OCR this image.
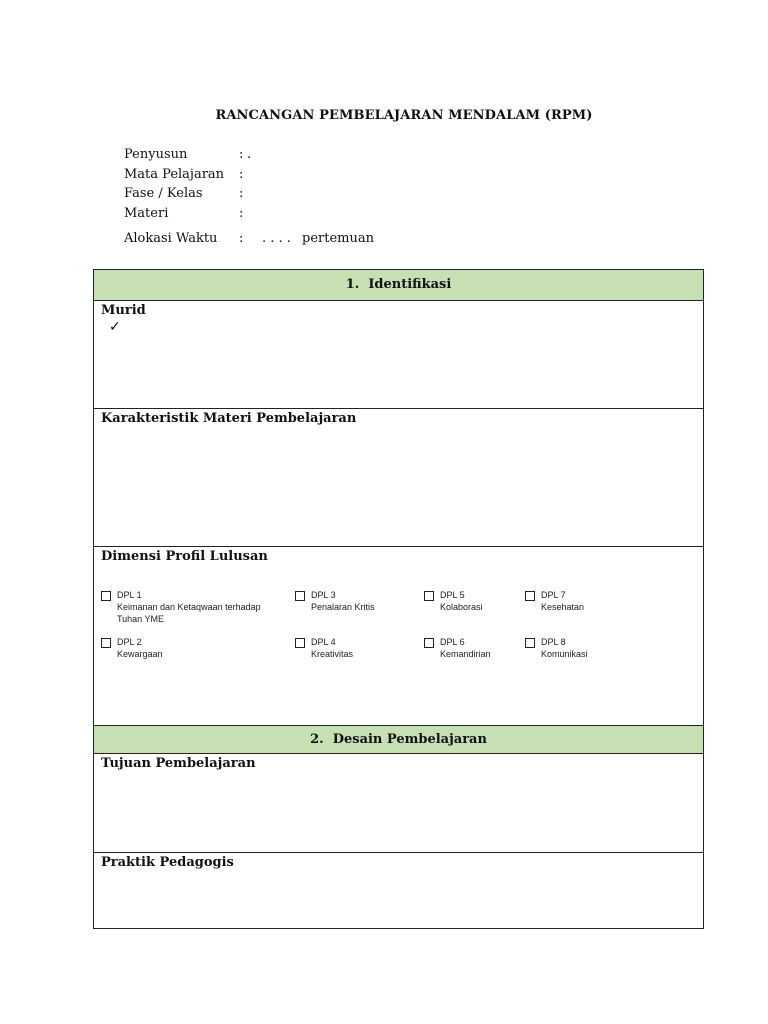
RANCANGAN PEMBELAJARAN MENDALAM (RPM)
Penyusun	: .
Mata Pelajaran :
Fase / Kelas	:
Materi	:
Alokasi Waktu : . . . . pertemuan
1. Identifikasi
Murid
✓
Karakteristik Materi Pembelajaran
Dimensi Profil Lulusan
DPL 1
Keimanan dan Ketaqwaan terhadap
Tuhan YME
DPL 2
Kewargaan
DPL 3
Penalaran Kritis
DPL 4
Kreativitas
DPL 5
Kolaborasi
DPL 6
Kemandirian
DPL 7
Kesehatan
DPL 8
Komunikasi
2. Desain Pembelajaran
Tujuan Pembelajaran
Praktik Pedagogis
